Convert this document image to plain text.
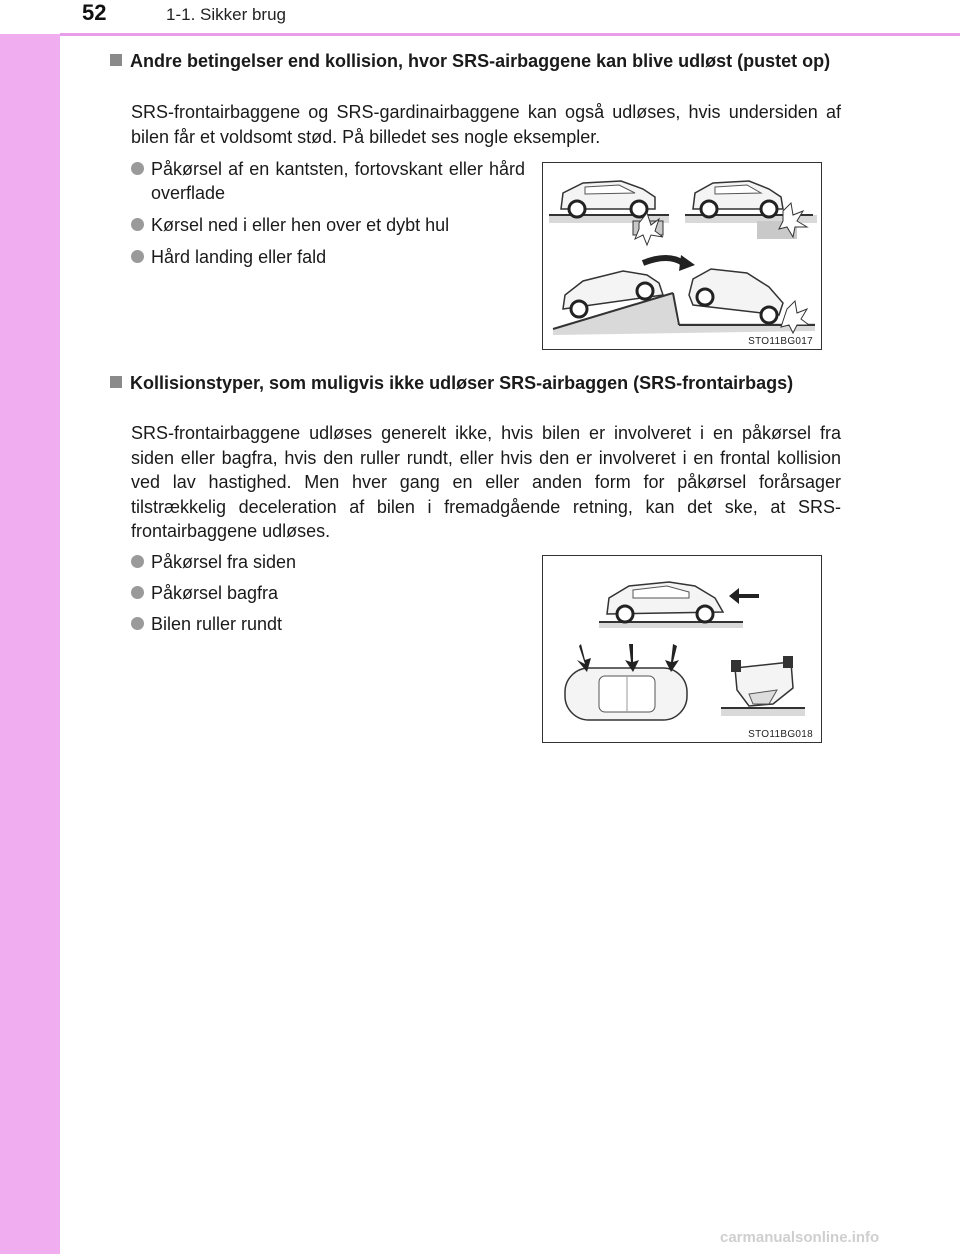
52	1-1. Sikker brug
Andre betingelser end kollision, hvor SRS-airbaggene kan blive udløst (pustet op)
SRS-frontairbaggene og SRS-gardinairbaggene kan også udløses, hvis undersiden af bilen får et voldsomt stød. På billedet ses nogle eksempler.
Påkørsel af en kantsten, fortovskant eller hård overflade
Kørsel ned i eller hen over et dybt hul
Hård landing eller fald
STO11BG017
Kollisionstyper, som muligvis ikke udløser SRS-airbaggen (SRS-frontairbags)
SRS-frontairbaggene udløses generelt ikke, hvis bilen er involveret i en påkørsel fra siden eller bagfra, hvis den ruller rundt, eller hvis den er involveret i en frontal kollision ved lav hastighed. Men hver gang en eller anden form for påkørsel forårsager tilstrækkelig deceleration af bilen i fremadgående retning, kan det ske, at SRS-frontairbaggene udløses.
Påkørsel fra siden
Påkørsel bagfra
Bilen ruller rundt
STO11BG018
carmanualsonline.info
